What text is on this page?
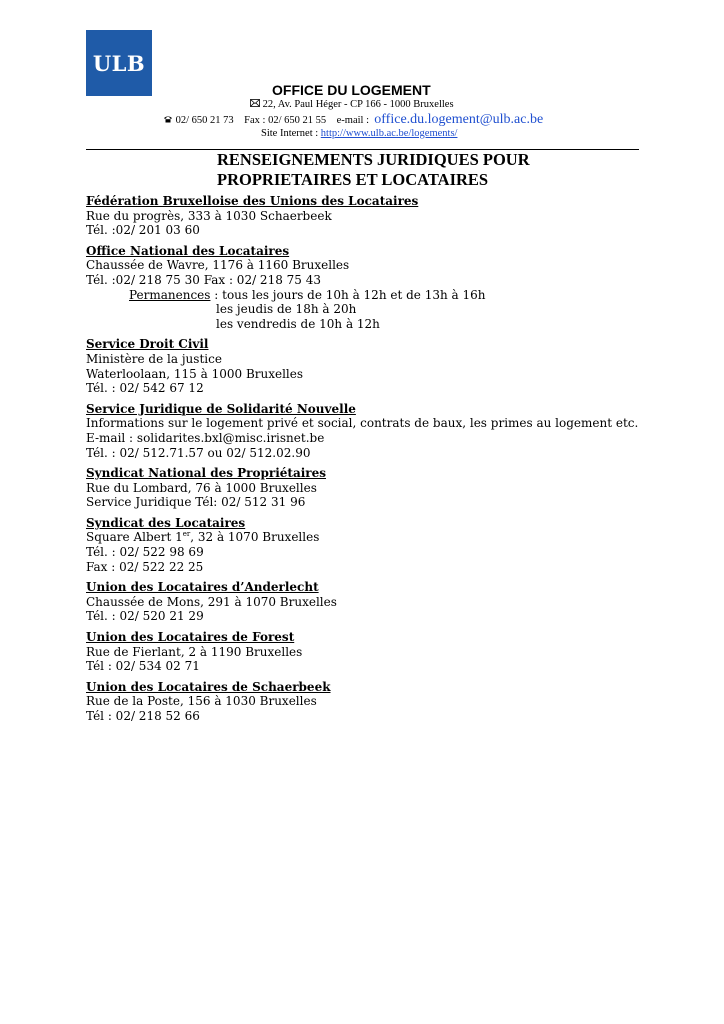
ULB
OFFICE DU LOGEMENT
22, Av. Paul Héger - CP 166 - 1000 Bruxelles
02/ 650 21 73 Fax : 02/ 650 21 55 e-mail : office.du.logement@ulb.ac.be
Site Internet : http://www.ulb.ac.be/logements/
RENSEIGNEMENTS JURIDIQUES POUR
PROPRIETAIRES ET LOCATAIRES
Fédération Bruxelloise des Unions des Locataires
Rue du progrès, 333 à 1030 Schaerbeek
Tél. :02/ 201 03 60
Office National des Locataires
Chaussée de Wavre, 1176 à 1160 Bruxelles
Tél. :02/ 218 75 30 Fax : 02/ 218 75 43
Permanences : tous les jours de 10h à 12h et de 13h à 16h
les jeudis de 18h à 20h
les vendredis de 10h à 12h
Service Droit Civil
Ministère de la justice
Waterloolaan, 115 à 1000 Bruxelles
Tél. : 02/ 542 67 12
Service Juridique de Solidarité Nouvelle
Informations sur le logement privé et social, contrats de baux, les primes au logement etc.
E-mail : solidarites.bxl@misc.irisnet.be
Tél. : 02/ 512.71.57 ou 02/ 512.02.90
Syndicat National des Propriétaires
Rue du Lombard, 76 à 1000 Bruxelles
Service Juridique Tél: 02/ 512 31 96
Syndicat des Locataires
Square Albert 1er, 32 à 1070 Bruxelles
Tél. : 02/ 522 98 69
Fax : 02/ 522 22 25
Union des Locataires d’Anderlecht
Chaussée de Mons, 291 à 1070 Bruxelles
Tél. : 02/ 520 21 29
Union des Locataires de Forest
Rue de Fierlant, 2 à 1190 Bruxelles
Tél : 02/ 534 02 71
Union des Locataires de Schaerbeek
Rue de la Poste, 156 à 1030 Bruxelles
Tél : 02/ 218 52 66
